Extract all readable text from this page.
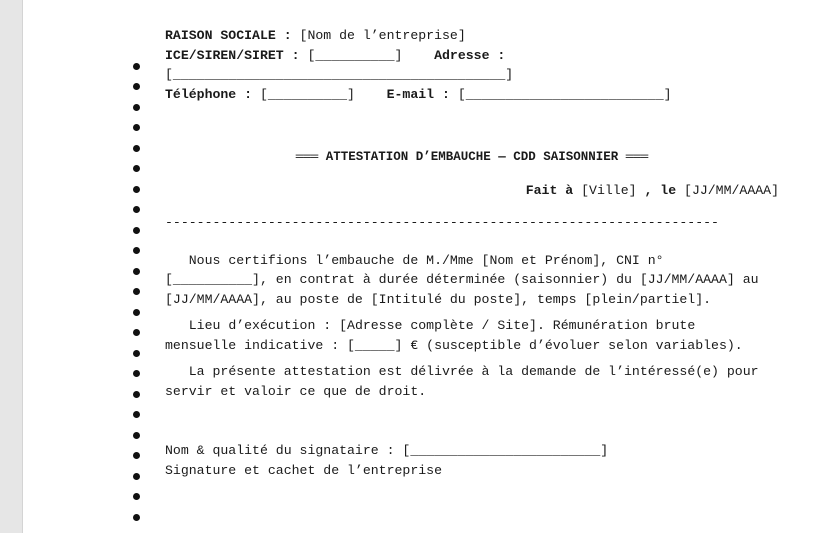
RAISON SOCIALE : [Nom de l’entreprise]
ICE/SIREN/SIRET : [__________] Adresse :
[__________________________________________]
Téléphone : [__________] E-mail : [_________________________]
═══ ATTESTATION D’EMBAUCHE — CDD SAISONNIER ═══
Fait à [Ville] , le [JJ/MM/AAAA]
----------------------------------------------------------------------
Nous certifions l’embauche de M./Mme [Nom et Prénom], CNI n° [__________], en contrat à durée déterminée (saisonnier) du [JJ/MM/AAAA] au [JJ/MM/AAAA], au poste de [Intitulé du poste], temps [plein/partiel].
Lieu d’exécution : [Adresse complète / Site]. Rémunération brute mensuelle indicative : [_____] € (susceptible d’évoluer selon variables).
La présente attestation est délivrée à la demande de l’intéressé(e) pour servir et valoir ce que de droit.
Nom & qualité du signataire : [________________________]
Signature et cachet de l’entreprise
